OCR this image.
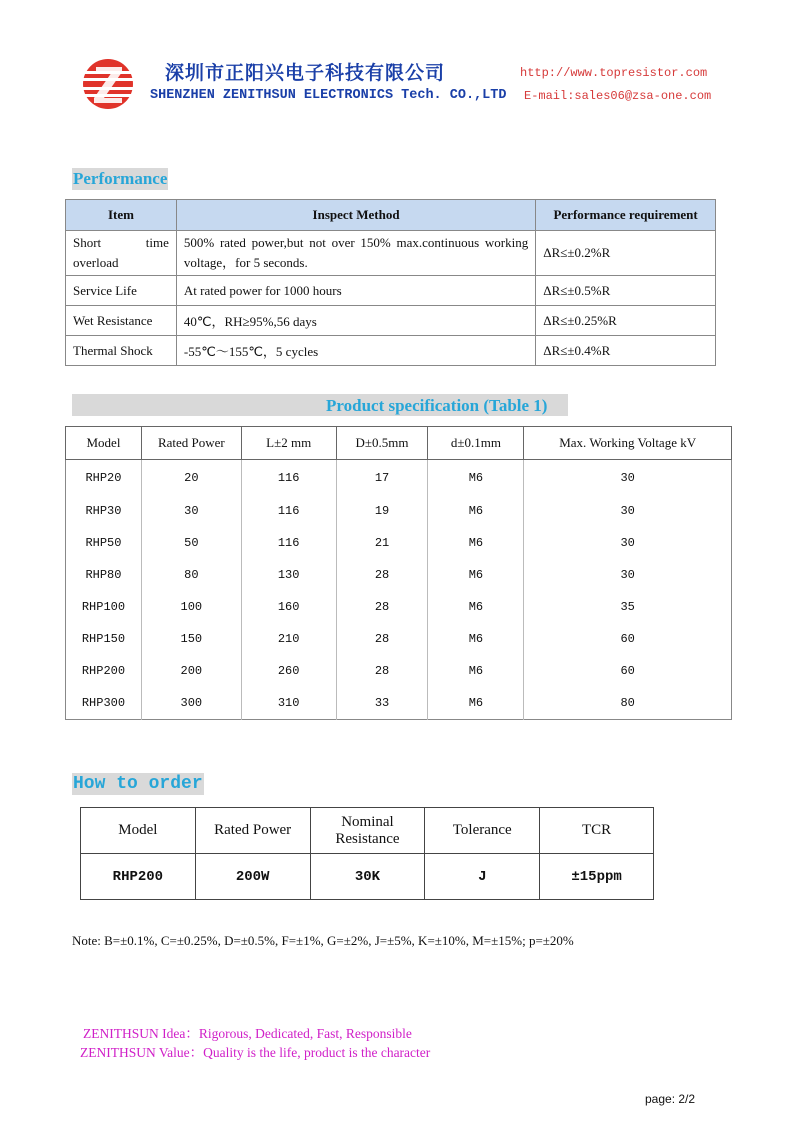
深圳市正阳兴电子科技有限公司
SHENZHEN ZENITHSUN ELECTRONICS Tech. CO.,LTD
http://www.topresistor.com
E-mail:sales06@zsa-one.com
Performance
Item	Inspect Method	Performance requirement
Short time overload	500% rated power,but not over 150% max.continuous working voltage，for 5 seconds.	ΔR≤±0.2%R
Service Life	At rated power for 1000 hours	ΔR≤±0.5%R
Wet Resistance	40℃，RH≥95%,56 days	ΔR≤±0.25%R
Thermal Shock	-55℃～155℃，5 cycles	ΔR≤±0.4%R
Product specification (Table 1)
Model	Rated Power	L±2 mm	D±0.5mm	d±0.1mm	Max. Working Voltage kV
RHP20	20	116	17	M6	30
RHP30	30	116	19	M6	30
RHP50	50	116	21	M6	30
RHP80	80	130	28	M6	30
RHP100	100	160	28	M6	35
RHP150	150	210	28	M6	60
RHP200	200	260	28	M6	60
RHP300	300	310	33	M6	80
How to order
Model	Rated Power	Nominal Resistance	Tolerance	TCR
RHP200	200W	30K	J	±15ppm
Note: B=±0.1%, C=±0.25%, D=±0.5%, F=±1%, G=±2%, J=±5%, K=±10%, M=±15%; p=±20%
ZENITHSUN Idea：Rigorous, Dedicated, Fast, Responsible
ZENITHSUN Value：Quality is the life, product is the character
page: 2/2
